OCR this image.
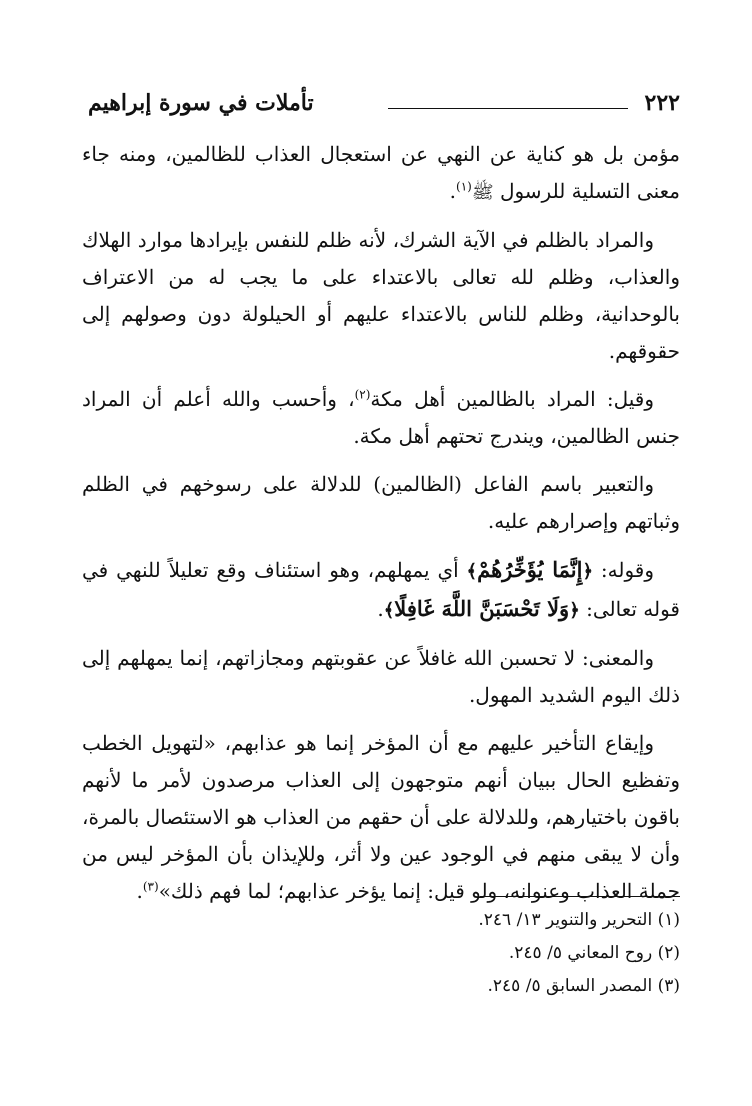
٢٢٢
تأملات في سورة إبراهيم

مؤمن بل هو كناية عن النهي عن استعجال العذاب للظالمين، ومنه جاء معنى التسلية للرسول ﷺ$^{(١)}$.

والمراد بالظلم في الآية الشرك، لأنه ظلم للنفس بإيرادها موارد الهلاك والعذاب، وظلم لله تعالى بالاعتداء على ما يجب له من الاعتراف بالوحدانية، وظلم للناس بالاعتداء عليهم أو الحيلولة دون وصولهم إلى حقوقهم.

وقيل: المراد بالظالمين أهل مكة$^{(٢)}$، وأحسب والله أعلم أن المراد جنس الظالمين، ويندرج تحتهم أهل مكة.

والتعبير باسم الفاعل (الظالمين) للدلالة على رسوخهم في الظلم وثباتهم وإصرارهم عليه.

وقوله: ﴿إِنَّمَا يُؤَخِّرُهُمْ﴾ أي يمهلهم، وهو استئناف وقع تعليلاً للنهي في قوله تعالى: ﴿وَلَا تَحْسَبَنَّ اللَّهَ غَافِلًا﴾.

والمعنى: لا تحسبن الله غافلاً عن عقوبتهم ومجازاتهم، إنما يمهلهم إلى ذلك اليوم الشديد المهول.

وإيقاع التأخير عليهم مع أن المؤخر إنما هو عذابهم، «لتهويل الخطب وتفظيع الحال ببيان أنهم متوجهون إلى العذاب مرصدون لأمر ما لأنهم باقون باختيارهم، وللدلالة على أن حقهم من العذاب هو الاستئصال بالمرة، وأن لا يبقى منهم في الوجود عين ولا أثر، وللإيذان بأن المؤخر ليس من جملة العذاب وعنوانه، ولو قيل: إنما يؤخر عذابهم؛ لما فهم ذلك»$^{(٣)}$.

(١) التحرير والتنوير ١٣/ ٢٤٦.

(٢) روح المعاني ٥/ ٢٤٥.

(٣) المصدر السابق ٥/ ٢٤٥.
